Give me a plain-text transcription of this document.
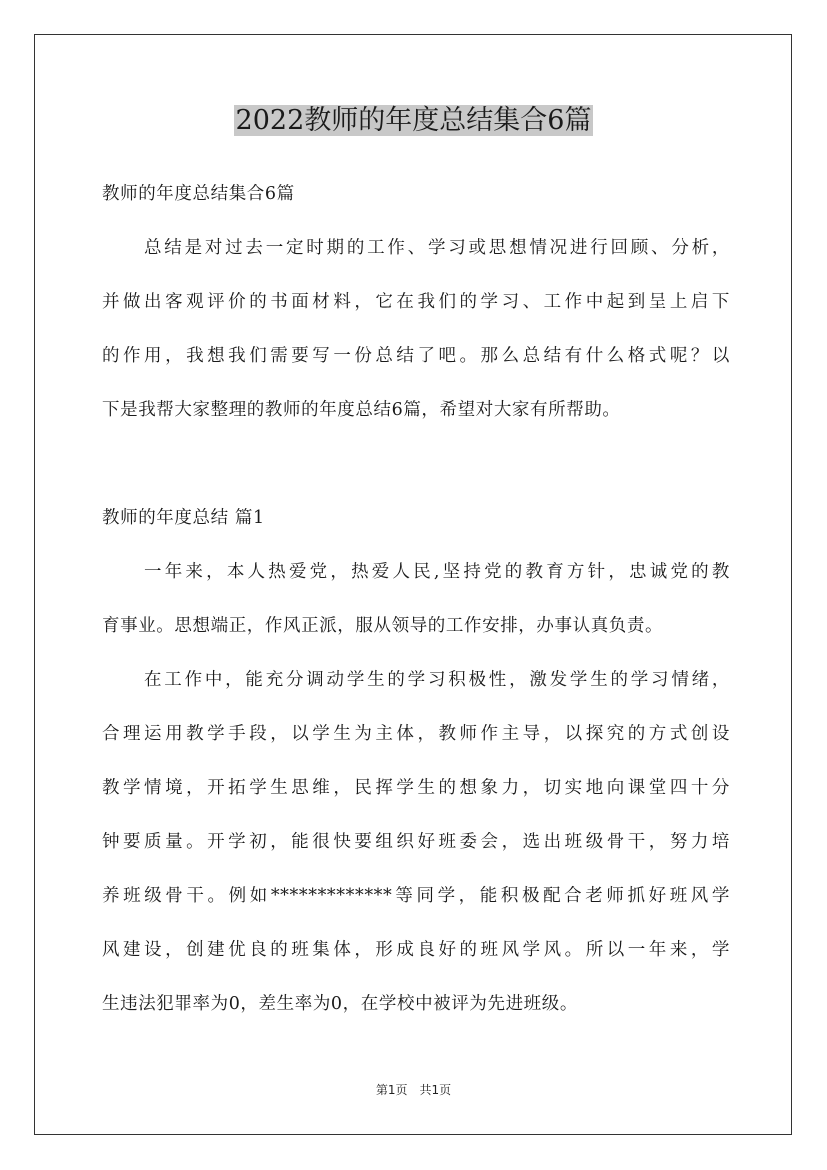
2022教师的年度总结集合6篇

教师的年度总结集合6篇

总结是对过去一定时期的工作、学习或思想情况进行回顾、分析，

并做出客观评价的书面材料，它在我们的学习、工作中起到呈上启下

的作用，我想我们需要写一份总结了吧。那么总结有什么格式呢？以

下是我帮大家整理的教师的年度总结6篇，希望对大家有所帮助。

教师的年度总结 篇1

一年来，本人热爱党，热爱人民,坚持党的教育方针，忠诚党的教

育事业。思想端正，作风正派，服从领导的工作安排，办事认真负责。

在工作中，能充分调动学生的学习积极性，激发学生的学习情绪，

合理运用教学手段，以学生为主体，教师作主导，以探究的方式创设

教学情境，开拓学生思维，民挥学生的想象力，切实地向课堂四十分

钟要质量。开学初，能很快要组织好班委会，选出班级骨干，努力培

养班级骨干。例如*************等同学，能积极配合老师抓好班风学

风建设，创建优良的班集体，形成良好的班风学风。所以一年来，学

生违法犯罪率为0，差生率为0，在学校中被评为先进班级。

第1页 共1页
